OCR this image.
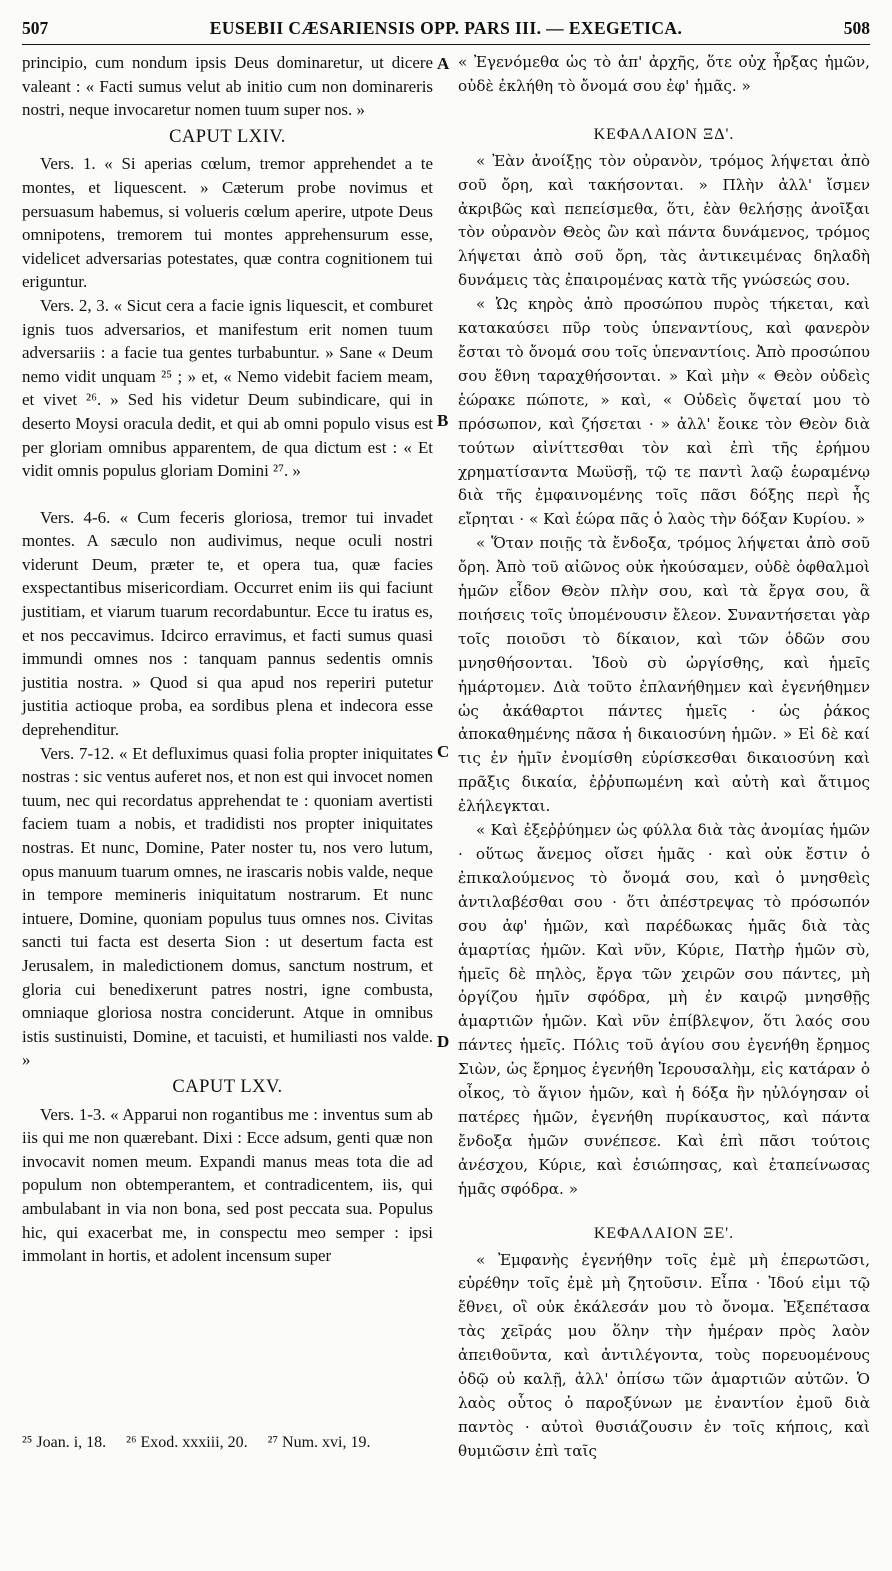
507	EUSEBII CÆSARIENSIS OPP. PARS III. — EXEGETICA.	508

principio, cum nondum ipsis Deus dominaretur, ut dicere valeant : « Facti sumus velut ab initio cum non dominareris nostri, neque invocaretur nomen tuum super nos. »

CAPUT LXIV.

Vers. 1. « Si aperias cœlum, tremor apprehendet a te montes, et liquescent. » Cæterum probe novimus et persuasum habemus, si volueris cœlum aperire, utpote Deus omnipotens, tremorem tui montes apprehensurum esse, videlicet adversarias potestates, quæ contra cognitionem tui eriguntur.

Vers. 2, 3. « Sicut cera a facie ignis liquescit, et comburet ignis tuos adversarios, et manifestum erit nomen tuum adversariis : a facie tua gentes turbabuntur. » Sane « Deum nemo vidit unquam ²⁵ ; » et, « Nemo videbit faciem meam, et vivet ²⁶. » Sed his videtur Deum subindicare, qui in deserto Moysi oracula dedit, et qui ab omni populo visus est per gloriam omnibus apparentem, de qua dictum est : « Et vidit omnis populus gloriam Domini ²⁷. »

Vers. 4-6. « Cum feceris gloriosa, tremor tui invadet montes. A sæculo non audivimus, neque oculi nostri viderunt Deum, præter te, et opera tua, quæ facies exspectantibus misericordiam. Occurret enim iis qui faciunt justitiam, et viarum tuarum recordabuntur. Ecce tu iratus es, et nos peccavimus. Idcirco erravimus, et facti sumus quasi immundi omnes nos : tanquam pannus sedentis omnis justitia nostra. » Quod si qua apud nos reperiri putetur justitia actioque proba, ea sordibus plena et indecora esse deprehenditur.

Vers. 7-12. « Et defluximus quasi folia propter iniquitates nostras : sic ventus auferet nos, et non est qui invocet nomen tuum, nec qui recordatus apprehendat te : quoniam avertisti faciem tuam a nobis, et tradidisti nos propter iniquitates nostras. Et nunc, Domine, Pater noster tu, nos vero lutum, opus manuum tuarum omnes, ne irascaris nobis valde, neque in tempore memineris iniquitatum nostrarum. Et nunc intuere, Domine, quoniam populus tuus omnes nos. Civitas sancti tui facta est deserta Sion : ut desertum facta est Jerusalem, in maledictionem domus, sanctum nostrum, et gloria cui benedixerunt patres nostri, igne combusta, omniaque gloriosa nostra conciderunt. Atque in omnibus istis sustinuisti, Domine, et tacuisti, et humiliasti nos valde. »

CAPUT LXV.

Vers. 1-3. « Apparui non rogantibus me : inventus sum ab iis qui me non quærebant. Dixi : Ecce adsum, genti quæ non invocavit nomen meum. Expandi manus meas tota die ad populum non obtemperantem, et contradicentem, iis, qui ambulabant in via non bona, sed post peccata sua. Populus hic, qui exacerbat me, in conspectu meo semper : ipsi immolant in hortis, et adolent incensum super

A
B
C
D

« Ἐγενόμεθα ὡς τὸ ἀπ' ἀρχῆς, ὅτε οὐχ ἦρξας ἡμῶν, οὐδὲ ἐκλήθη τὸ ὄνομά σου ἐφ' ἡμᾶς. »

ΚΕΦΑΛΑΙΟΝ ΞΔ'.

« Ἐὰν ἀνοίξῃς τὸν οὐρανὸν, τρόμος λήψεται ἀπὸ σοῦ ὄρη, καὶ τακήσονται. » Πλὴν ἀλλ' ἴσμεν ἀκριβῶς καὶ πεπείσμεθα, ὅτι, ἐὰν θελήσῃς ἀνοῖξαι τὸν οὐρανὸν Θεὸς ὢν καὶ πάντα δυνάμενος, τρόμος λήψεται ἀπὸ σοῦ ὄρη, τὰς ἀντικειμένας δηλαδὴ δυνάμεις τὰς ἐπαιρομένας κατὰ τῆς γνώσεώς σου.

« Ὡς κηρὸς ἀπὸ προσώπου πυρὸς τήκεται, καὶ κατακαύσει πῦρ τοὺς ὑπεναντίους, καὶ φανερὸν ἔσται τὸ ὄνομά σου τοῖς ὑπεναντίοις. Ἀπὸ προσώπου σου ἔθνη ταραχθήσονται. » Καὶ μὴν « Θεὸν οὐδεὶς ἑώρακε πώποτε, » καὶ, « Οὐδεὶς ὄψεταί μου τὸ πρόσωπον, καὶ ζήσεται · » ἀλλ' ἔοικε τὸν Θεὸν διὰ τούτων αἰνίττεσθαι τὸν καὶ ἐπὶ τῆς ἐρήμου χρηματίσαντα Μωϋσῇ, τῷ τε παντὶ λαῷ ἑωραμένῳ διὰ τῆς ἐμφαινομένης τοῖς πᾶσι δόξης περὶ ἧς εἴρηται · « Καὶ ἑώρα πᾶς ὁ λαὸς τὴν δόξαν Κυρίου. »

« Ὅταν ποιῇς τὰ ἔνδοξα, τρόμος λήψεται ἀπὸ σοῦ ὄρη. Ἀπὸ τοῦ αἰῶνος οὐκ ἠκούσαμεν, οὐδὲ ὀφθαλμοὶ ἡμῶν εἶδον Θεὸν πλὴν σου, καὶ τὰ ἔργα σου, ἃ ποιήσεις τοῖς ὑπομένουσιν ἔλεον. Συναντήσεται γὰρ τοῖς ποιοῦσι τὸ δίκαιον, καὶ τῶν ὁδῶν σου μνησθήσονται. Ἰδοὺ σὺ ὠργίσθης, καὶ ἡμεῖς ἡμάρτομεν. Διὰ τοῦτο ἐπλανήθημεν καὶ ἐγενήθημεν ὡς ἀκάθαρτοι πάντες ἡμεῖς · ὡς ῥάκος ἀποκαθημένης πᾶσα ἡ δικαιοσύνη ἡμῶν. » Εἰ δὲ καί τις ἐν ἡμῖν ἐνομίσθη εὑρίσκεσθαι δικαιοσύνη καὶ πρᾶξις δικαία, ἐῤῥυπωμένη καὶ αὐτὴ καὶ ἄτιμος ἐλήλεγκται.

« Καὶ ἐξεῤῥύημεν ὡς φύλλα διὰ τὰς ἀνομίας ἡμῶν · οὕτως ἄνεμος οἴσει ἡμᾶς · καὶ οὐκ ἔστιν ὁ ἐπικαλούμενος τὸ ὄνομά σου, καὶ ὁ μνησθεὶς ἀντιλαβέσθαι σου · ὅτι ἀπέστρεψας τὸ πρόσωπόν σου ἀφ' ἡμῶν, καὶ παρέδωκας ἡμᾶς διὰ τὰς ἁμαρτίας ἡμῶν. Καὶ νῦν, Κύριε, Πατὴρ ἡμῶν σὺ, ἡμεῖς δὲ πηλὸς, ἔργα τῶν χειρῶν σου πάντες, μὴ ὀργίζου ἡμῖν σφόδρα, μὴ ἐν καιρῷ μνησθῇς ἁμαρτιῶν ἡμῶν. Καὶ νῦν ἐπίβλεψον, ὅτι λαός σου πάντες ἡμεῖς. Πόλις τοῦ ἁγίου σου ἐγενήθη ἔρημος Σιὼν, ὡς ἔρημος ἐγενήθη Ἱερουσαλὴμ, εἰς κατάραν ὁ οἶκος, τὸ ἅγιον ἡμῶν, καὶ ἡ δόξα ἣν ηὐλόγησαν οἱ πατέρες ἡμῶν, ἐγενήθη πυρίκαυστος, καὶ πάντα ἔνδοξα ἡμῶν συνέπεσε. Καὶ ἐπὶ πᾶσι τούτοις ἀνέσχου, Κύριε, καὶ ἐσιώπησας, καὶ ἐταπείνωσας ἡμᾶς σφόδρα. »

ΚΕΦΑΛΑΙΟΝ ΞΕ'.

« Ἐμφανὴς ἐγενήθην τοῖς ἐμὲ μὴ ἐπερωτῶσι, εὑρέθην τοῖς ἐμὲ μὴ ζητοῦσιν. Εἶπα · Ἰδού εἰμι τῷ ἔθνει, οἳ οὐκ ἐκάλεσάν μου τὸ ὄνομα. Ἐξεπέτασα τὰς χεῖράς μου ὅλην τὴν ἡμέραν πρὸς λαὸν ἀπειθοῦντα, καὶ ἀντιλέγοντα, τοὺς πορευομένους ὁδῷ οὐ καλῇ, ἀλλ' ὀπίσω τῶν ἁμαρτιῶν αὐτῶν. Ὁ λαὸς οὗτος ὁ παροξύνων με ἐναντίον ἐμοῦ διὰ παντὸς · αὐτοὶ θυσιάζουσιν ἐν τοῖς κήποις, καὶ θυμιῶσιν ἐπὶ ταῖς

²⁵ Joan. i, 18. ²⁶ Exod. xxxiii, 20. ²⁷ Num. xvi, 19.
